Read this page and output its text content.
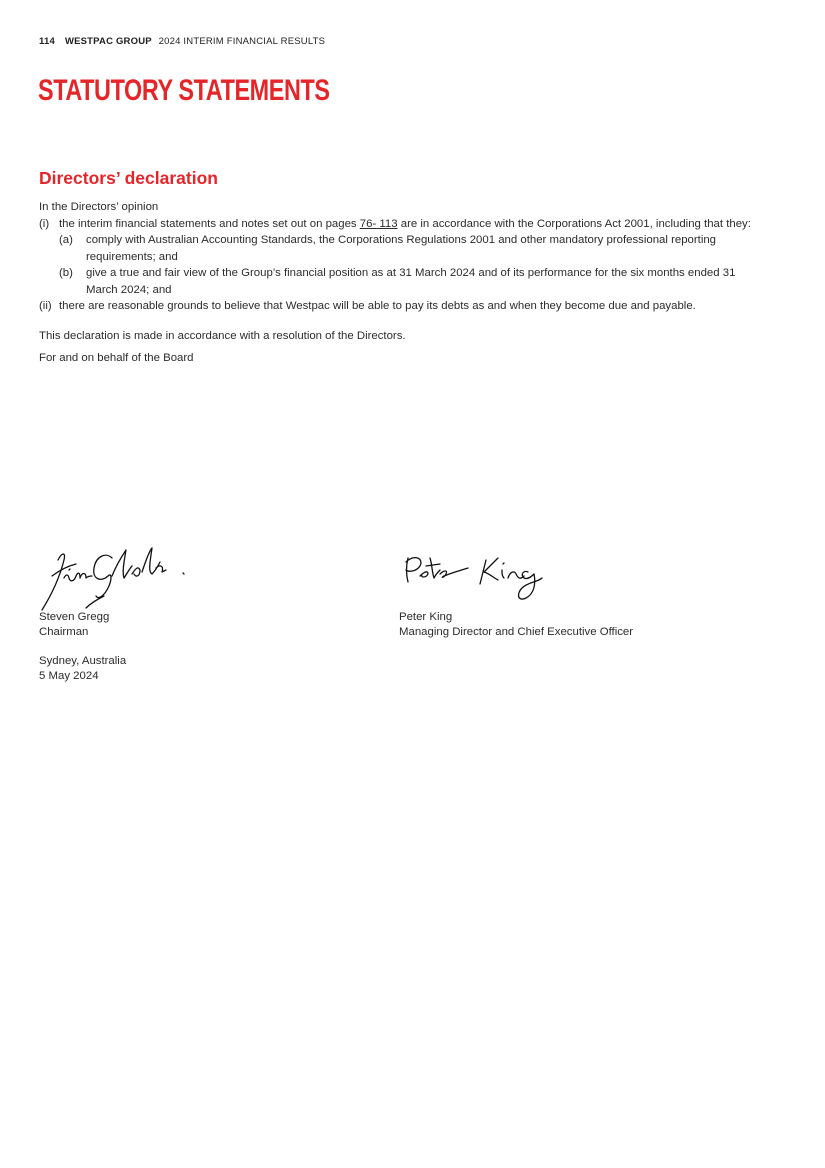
114 WESTPAC GROUP 2024 INTERIM FINANCIAL RESULTS
STATUTORY STATEMENTS
Directors’ declaration

In the Directors’ opinion

(i) the interim financial statements and notes set out on pages 76- 113 are in accordance with the Corporations Act 2001, including that they:
(a) comply with Australian Accounting Standards, the Corporations Regulations 2001 and other mandatory professional reporting requirements; and
(b) give a true and fair view of the Group’s financial position as at 31 March 2024 and of its performance for the six months ended 31 March 2024; and
(ii) there are reasonable grounds to believe that Westpac will be able to pay its debts as and when they become due and payable.

This declaration is made in accordance with a resolution of the Directors.

For and on behalf of the Board

Steven Gregg
Chairman
Peter King
Managing Director and Chief Executive Officer
Sydney, Australia
5 May 2024
